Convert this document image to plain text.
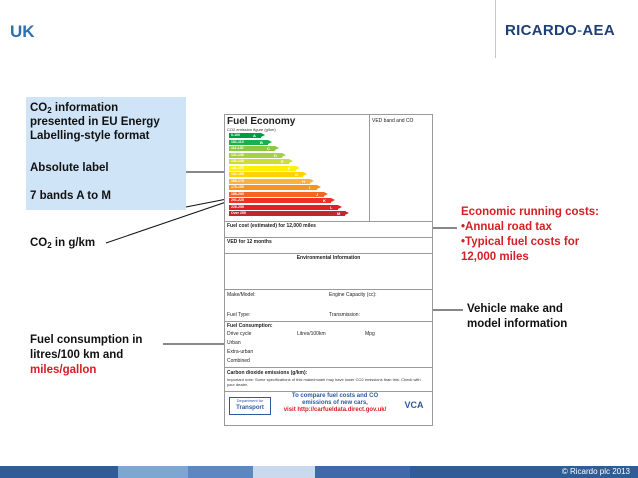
UK	RICARDO-AEA
$CO_2$ information
presented in EU Energy
Labelling-style format
Absolute label
7 bands A to M
$CO_2$ in g/km
Fuel consumption in
litres/100 km and
miles/gallon
Economic running costs:
•Annual road tax
•Typical fuel costs for
12,000 miles
Vehicle make and
model information
Fuel Economy	VED band and CO
CO2 emission figure (g/km)
0-100	A
101-110	B
111-120	C
121-130	D
131-140	E
141-150	F
151-165	G
166-175	H
176-185	I
186-200	J
201-225	K
226-255	L
Over 255	M
Fuel cost (estimated) for 12,000 miles
VED for 12 months
Environmental Information
Make/Model:	Engine Capacity (cc):
Fuel Type:	Transmission:
Fuel Consumption:
Drive cycle	Litres/100km	Mpg
Urban
Extra-urban
Combined
Carbon dioxide emissions (g/km):
Important note: Some specifications of this make/model may have lower CO2 emissions than this. Check with your dealer.
Department for
Transport
To compare fuel costs and CO
emissions of new cars,
visit http://carfueldata.direct.gov.uk/	VCA
© Ricardo plc 2013
